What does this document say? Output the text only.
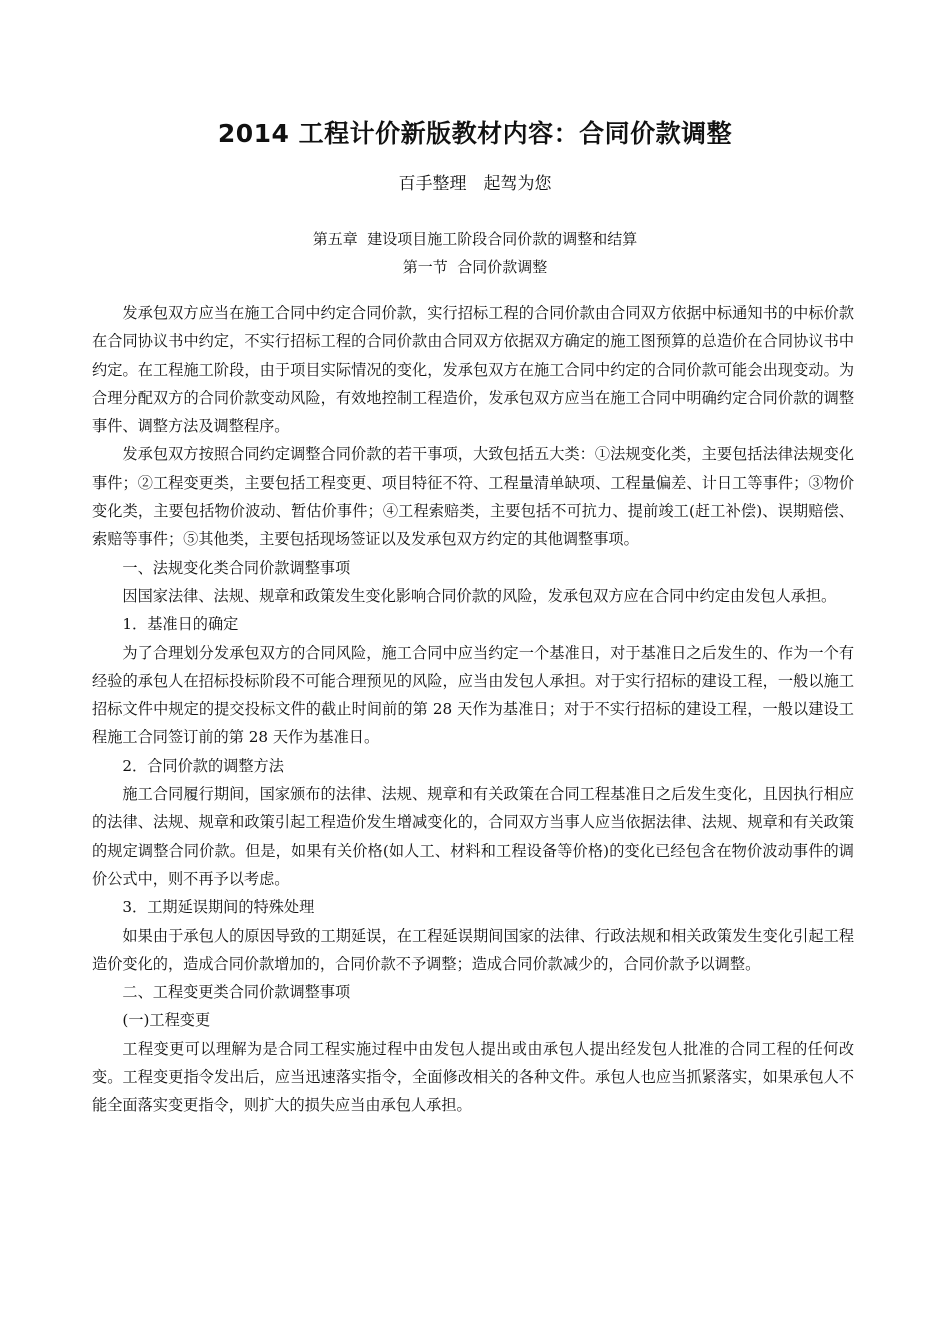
2014 工程计价新版教材内容：合同价款调整
百手整理　起驾为您
第五章  建设项目施工阶段合同价款的调整和结算
第一节  合同价款调整

发承包双方应当在施工合同中约定合同价款，实行招标工程的合同价款由合同双方依据中标通知书的中标价款在合同协议书中约定，不实行招标工程的合同价款由合同双方依据双方确定的施工图预算的总造价在合同协议书中约定。在工程施工阶段，由于项目实际情况的变化，发承包双方在施工合同中约定的合同价款可能会出现变动。为合理分配双方的合同价款变动风险，有效地控制工程造价，发承包双方应当在施工合同中明确约定合同价款的调整事件、调整方法及调整程序。

发承包双方按照合同约定调整合同价款的若干事项，大致包括五大类：①法规变化类，主要包括法律法规变化事件；②工程变更类，主要包括工程变更、项目特征不符、工程量清单缺项、工程量偏差、计日工等事件；③物价变化类，主要包括物价波动、暂估价事件；④工程索赔类，主要包括不可抗力、提前竣工(赶工补偿)、误期赔偿、索赔等事件；⑤其他类，主要包括现场签证以及发承包双方约定的其他调整事项。

一、法规变化类合同价款调整事项

因国家法律、法规、规章和政策发生变化影响合同价款的风险，发承包双方应在合同中约定由发包人承担。

1．基准日的确定

为了合理划分发承包双方的合同风险，施工合同中应当约定一个基准日，对于基准日之后发生的、作为一个有经验的承包人在招标投标阶段不可能合理预见的风险，应当由发包人承担。对于实行招标的建设工程，一般以施工招标文件中规定的提交投标文件的截止时间前的第 28 天作为基准日；对于不实行招标的建设工程，一般以建设工程施工合同签订前的第 28 天作为基准日。

2．合同价款的调整方法

施工合同履行期间，国家颁布的法律、法规、规章和有关政策在合同工程基准日之后发生变化，且因执行相应的法律、法规、规章和政策引起工程造价发生增减变化的，合同双方当事人应当依据法律、法规、规章和有关政策的规定调整合同价款。但是，如果有关价格(如人工、材料和工程设备等价格)的变化已经包含在物价波动事件的调价公式中，则不再予以考虑。

3．工期延误期间的特殊处理

如果由于承包人的原因导致的工期延误，在工程延误期间国家的法律、行政法规和相关政策发生变化引起工程造价变化的，造成合同价款增加的，合同价款不予调整；造成合同价款减少的，合同价款予以调整。

二、工程变更类合同价款调整事项

(一)工程变更

工程变更可以理解为是合同工程实施过程中由发包人提出或由承包人提出经发包人批准的合同工程的任何改变。工程变更指令发出后，应当迅速落实指令，全面修改相关的各种文件。承包人也应当抓紧落实，如果承包人不能全面落实变更指令，则扩大的损失应当由承包人承担。
